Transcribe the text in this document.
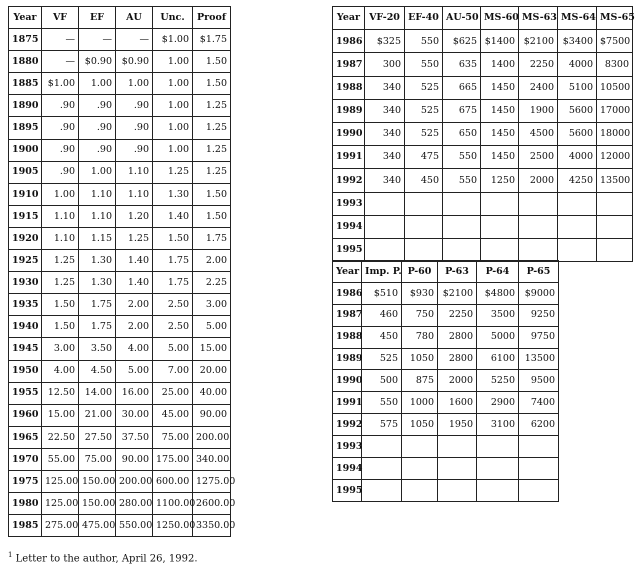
Year	VF	EF	AU	Unc.	Proof
1875	—	—	—	$1.00	$1.75
1880	—	$0.90	$0.90	1.00	1.50
1885	$1.00	1.00	1.00	1.00	1.50
1890	.90	.90	.90	1.00	1.25
1895	.90	.90	.90	1.00	1.25
1900	.90	.90	.90	1.00	1.25
1905	.90	1.00	1.10	1.25	1.25
1910	1.00	1.10	1.10	1.30	1.50
1915	1.10	1.10	1.20	1.40	1.50
1920	1.10	1.15	1.25	1.50	1.75
1925	1.25	1.30	1.40	1.75	2.00
1930	1.25	1.30	1.40	1.75	2.25
1935	1.50	1.75	2.00	2.50	3.00
1940	1.50	1.75	2.00	2.50	5.00
1945	3.00	3.50	4.00	5.00	15.00
1950	4.00	4.50	5.00	7.00	20.00
1955	12.50	14.00	16.00	25.00	40.00
1960	15.00	21.00	30.00	45.00	90.00
1965	22.50	27.50	37.50	75.00	200.00
1970	55.00	75.00	90.00	175.00	340.00
1975	125.00	150.00	200.00	600.00	1275.00
1980	125.00	150.00	280.00	1100.00	2600.00
1985	275.00	475.00	550.00	1250.00	3350.00
Year	VF-20	EF-40	AU-50	MS-60	MS-63	MS-64	MS-65
1986	$325	550	$625	$1400	$2100	$3400	$7500
1987	300	550	635	1400	2250	4000	8300
1988	340	525	665	1450	2400	5100	10500
1989	340	525	675	1450	1900	5600	17000
1990	340	525	650	1450	4500	5600	18000
1991	340	475	550	1450	2500	4000	12000
1992	340	450	550	1250	2000	4250	13500
1993							
1994							
1995							
Year	Imp. P.	P-60	P-63	P-64	P-65
1986	$510	$930	$2100	$4800	$9000
1987	460	750	2250	3500	9250
1988	450	780	2800	5000	9750
1989	525	1050	2800	6100	13500
1990	500	875	2000	5250	9500
1991	550	1000	1600	2900	7400
1992	575	1050	1950	3100	6200
1993					
1994					
1995					
$^1$ Letter to the author, April 26, 1992.
